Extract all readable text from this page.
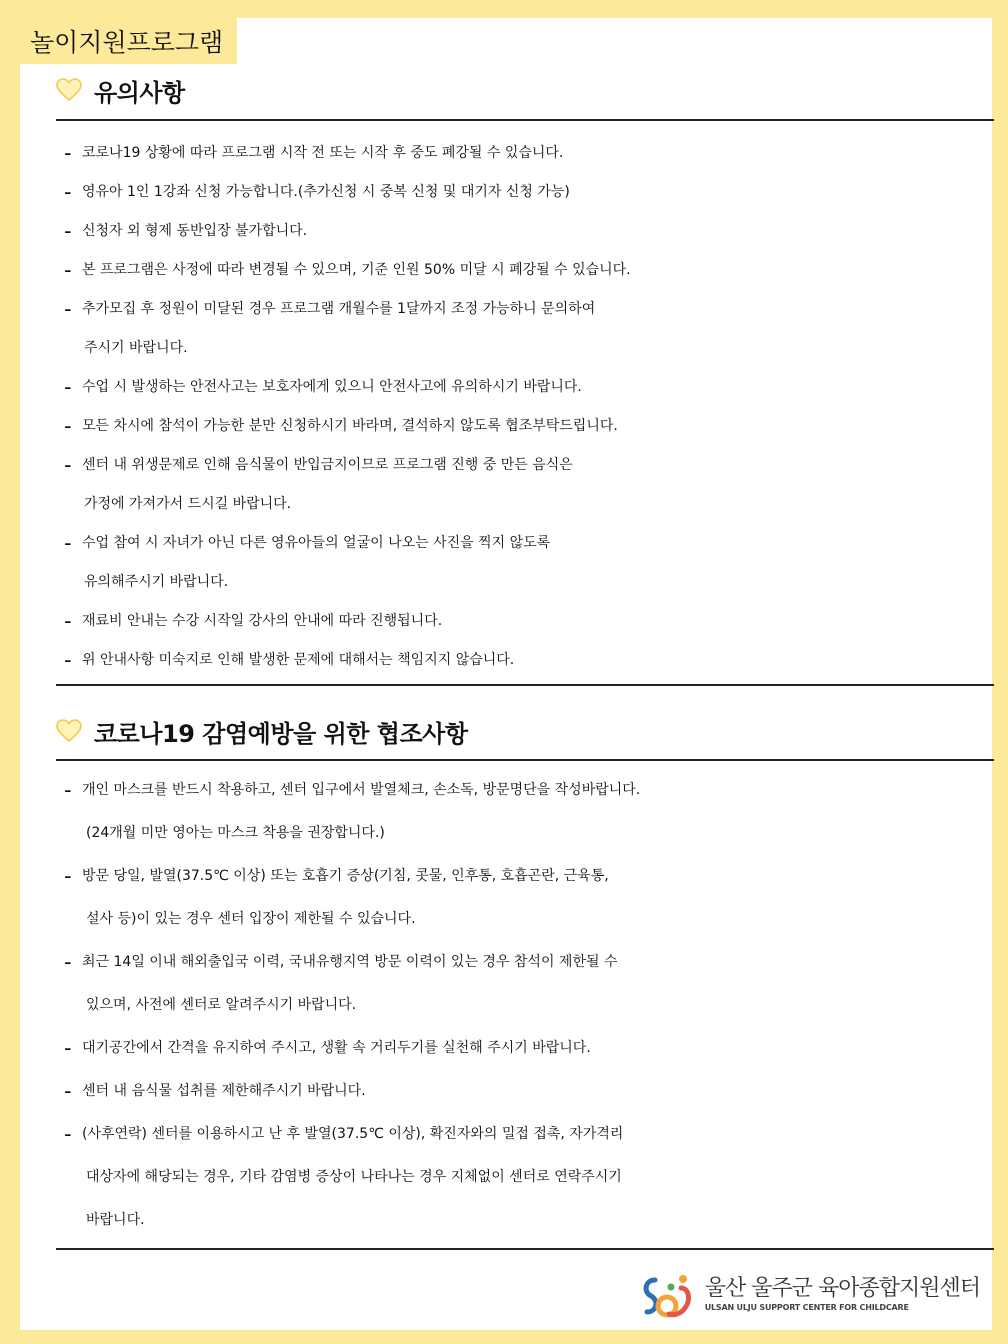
놀이지원프로그램
유의사항
- 코로나19 상황에 따라 프로그램 시작 전 또는 시작 후 중도 폐강될 수 있습니다.
- 영유아 1인 1강좌 신청 가능합니다.(추가신청 시 중복 신청 및 대기자 신청 가능)
- 신청자 외 형제 동반입장 불가합니다.
- 본 프로그램은 사정에 따라 변경될 수 있으며, 기준 인원 50% 미달 시 폐강될 수 있습니다.
- 추가모집 후 정원이 미달된 경우 프로그램 개월수를 1달까지 조정 가능하니 문의하여
주시기 바랍니다.
- 수업 시 발생하는 안전사고는 보호자에게 있으니 안전사고에 유의하시기 바랍니다.
- 모든 차시에 참석이 가능한 분만 신청하시기 바라며, 결석하지 않도록 협조부탁드립니다.
- 센터 내 위생문제로 인해 음식물이 반입금지이므로 프로그램 진행 중 만든 음식은
가정에 가져가서 드시길 바랍니다.
- 수업 참여 시 자녀가 아닌 다른 영유아들의 얼굴이 나오는 사진을 찍지 않도록
유의해주시기 바랍니다.
- 재료비 안내는 수강 시작일 강사의 안내에 따라 진행됩니다.
- 위 안내사항 미숙지로 인해 발생한 문제에 대해서는 책임지지 않습니다.
코로나19 감염예방을 위한 협조사항
- 개인 마스크를 반드시 착용하고, 센터 입구에서 발열체크, 손소독, 방문명단을 작성바랍니다.
(24개월 미만 영아는 마스크 착용을 권장합니다.)
- 방문 당일, 발열(37.5℃ 이상) 또는 호흡기 증상(기침, 콧물, 인후통, 호흡곤란, 근육통,
설사 등)이 있는 경우 센터 입장이 제한될 수 있습니다.
- 최근 14일 이내 해외출입국 이력, 국내유행지역 방문 이력이 있는 경우 참석이 제한될 수
있으며, 사전에 센터로 알려주시기 바랍니다.
- 대기공간에서 간격을 유지하여 주시고, 생활 속 거리두기를 실천해 주시기 바랍니다.
- 센터 내 음식물 섭취를 제한해주시기 바랍니다.
- (사후연락) 센터를 이용하시고 난 후 발열(37.5℃ 이상), 확진자와의 밀접 접촉, 자가격리
대상자에 해당되는 경우, 기타 감염병 증상이 나타나는 경우 지체없이 센터로 연락주시기
바랍니다.
울산 울주군 육아종합지원센터
ULSAN ULJU SUPPORT CENTER FOR CHILDCARE
